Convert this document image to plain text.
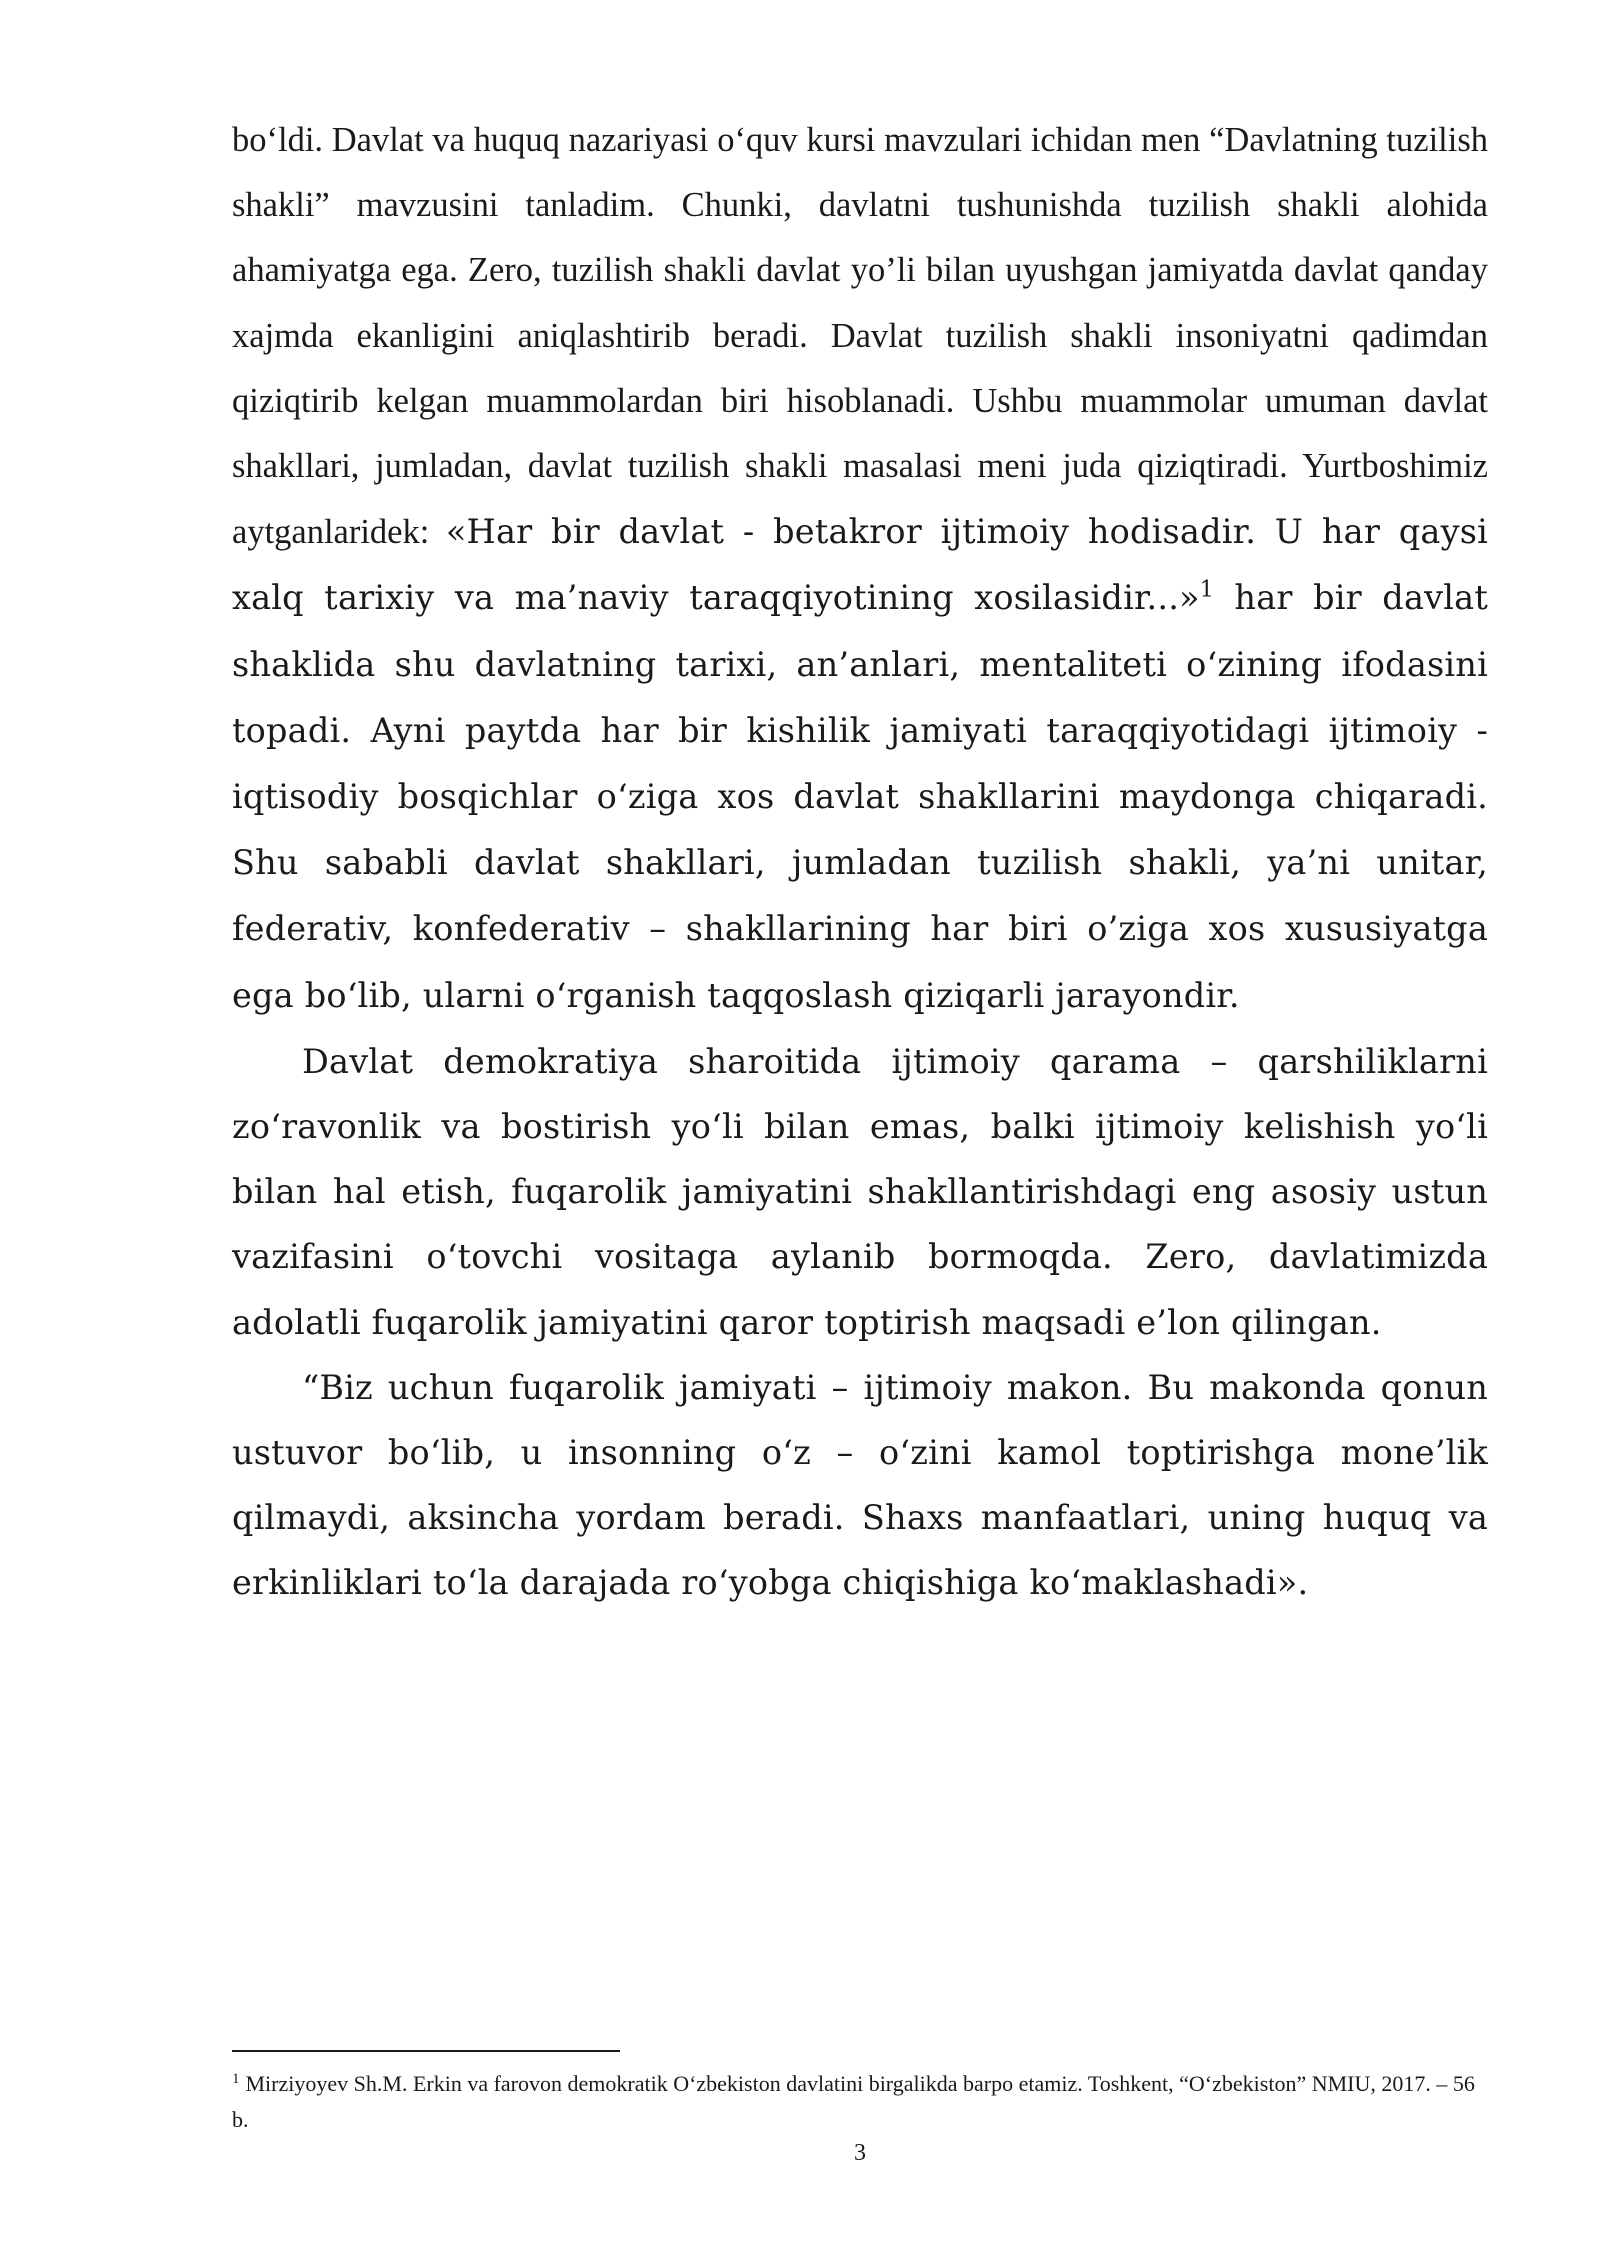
bo‘ldi. Davlat va huquq nazariyasi o‘quv kursi mavzulari ichidan men “Davlatning tuzilish shakli” mavzusini tanladim. Chunki, davlatni tushunishda tuzilish shakli alohida ahamiyatga ega. Zero, tuzilish shakli davlat yo’li bilan uyushgan jamiyatda davlat qanday xajmda ekanligini aniqlashtirib beradi. Davlat tuzilish shakli insoniyatni qadimdan qiziqtirib kelgan muammolardan biri hisoblanadi. Ushbu muammolar umuman davlat shakllari, jumladan, davlat tuzilish shakli masalasi meni juda qiziqtiradi. Yurtboshimiz aytganlaridek: «Har bir davlat - betakror ijtimoiy hodisadir. U har qaysi xalq tarixiy va ma’naviy taraqqiyotining xosilasidir...»$^1$ har bir davlat shaklida shu davlatning tarixi, an’anlari, mentaliteti o‘zining ifodasini topadi. Ayni paytda har bir kishilik jamiyati taraqqiyotidagi ijtimoiy - iqtisodiy bosqichlar o‘ziga xos davlat shakllarini maydonga chiqaradi. Shu sababli davlat shakllari, jumladan tuzilish shakli, ya’ni unitar, federativ, konfederativ – shakllarining har biri o’ziga xos xususiyatga ega bo‘lib, ularni o‘rganish taqqoslash qiziqarli jarayondir.

Davlat demokratiya sharoitida ijtimoiy qarama – qarshiliklarni zo‘ravonlik va bostirish yo‘li bilan emas, balki ijtimoiy kelishish yo‘li bilan hal etish, fuqarolik jamiyatini shakllantirishdagi eng asosiy ustun vazifasini o‘tovchi vositaga aylanib bormoqda. Zero, davlatimizda adolatli fuqarolik jamiyatini qaror toptirish maqsadi e’lon qilingan.

“Biz uchun fuqarolik jamiyati – ijtimoiy makon. Bu makonda qonun ustuvor bo‘lib, u insonning o‘z – o‘zini kamol toptirishga mone’lik qilmaydi, aksincha yordam beradi. Shaxs manfaatlari, uning huquq va erkinliklari to‘la darajada ro‘yobga chiqishiga ko‘maklashadi».

$^1$ Mirziyoyev Sh.M. Erkin va farovon demokratik O‘zbekiston davlatini birgalikda barpo etamiz. Toshkent, “O‘zbekiston” NMIU, 2017. – 56 b.
3
